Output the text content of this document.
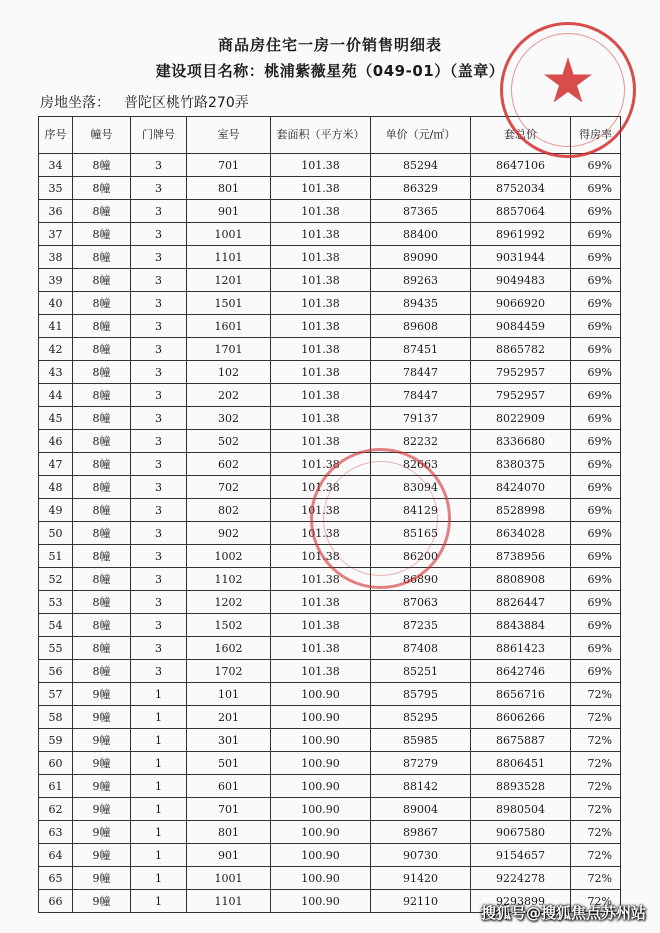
商品房住宅一房一价销售明细表
建设项目名称：桃浦紫薇星苑（049-01）（盖章）
房地坐落： 普陀区桃竹路270弄
序号	幢号	门牌号	室号	套面积（平方米）	单价（元/㎡）	套总价	得房率
34	8幢	3	701	101.38	85294	8647106	69%
35	8幢	3	801	101.38	86329	8752034	69%
36	8幢	3	901	101.38	87365	8857064	69%
37	8幢	3	1001	101.38	88400	8961992	69%
38	8幢	3	1101	101.38	89090	9031944	69%
39	8幢	3	1201	101.38	89263	9049483	69%
40	8幢	3	1501	101.38	89435	9066920	69%
41	8幢	3	1601	101.38	89608	9084459	69%
42	8幢	3	1701	101.38	87451	8865782	69%
43	8幢	3	102	101.38	78447	7952957	69%
44	8幢	3	202	101.38	78447	7952957	69%
45	8幢	3	302	101.38	79137	8022909	69%
46	8幢	3	502	101.38	82232	8336680	69%
47	8幢	3	602	101.38	82663	8380375	69%
48	8幢	3	702	101.38	83094	8424070	69%
49	8幢	3	802	101.38	84129	8528998	69%
50	8幢	3	902	101.38	85165	8634028	69%
51	8幢	3	1002	101.38	86200	8738956	69%
52	8幢	3	1102	101.38	86890	8808908	69%
53	8幢	3	1202	101.38	87063	8826447	69%
54	8幢	3	1502	101.38	87235	8843884	69%
55	8幢	3	1602	101.38	87408	8861423	69%
56	8幢	3	1702	101.38	85251	8642746	69%
57	9幢	1	101	100.90	85795	8656716	72%
58	9幢	1	201	100.90	85295	8606266	72%
59	9幢	1	301	100.90	85985	8675887	72%
60	9幢	1	501	100.90	87279	8806451	72%
61	9幢	1	601	100.90	88142	8893528	72%
62	9幢	1	701	100.90	89004	8980504	72%
63	9幢	1	801	100.90	89867	9067580	72%
64	9幢	1	901	100.90	90730	9154657	72%
65	9幢	1	1001	100.90	91420	9224278	72%
66	9幢	1	1101	100.90	92110	9293899	72%
搜狐号@搜狐焦点苏州站
